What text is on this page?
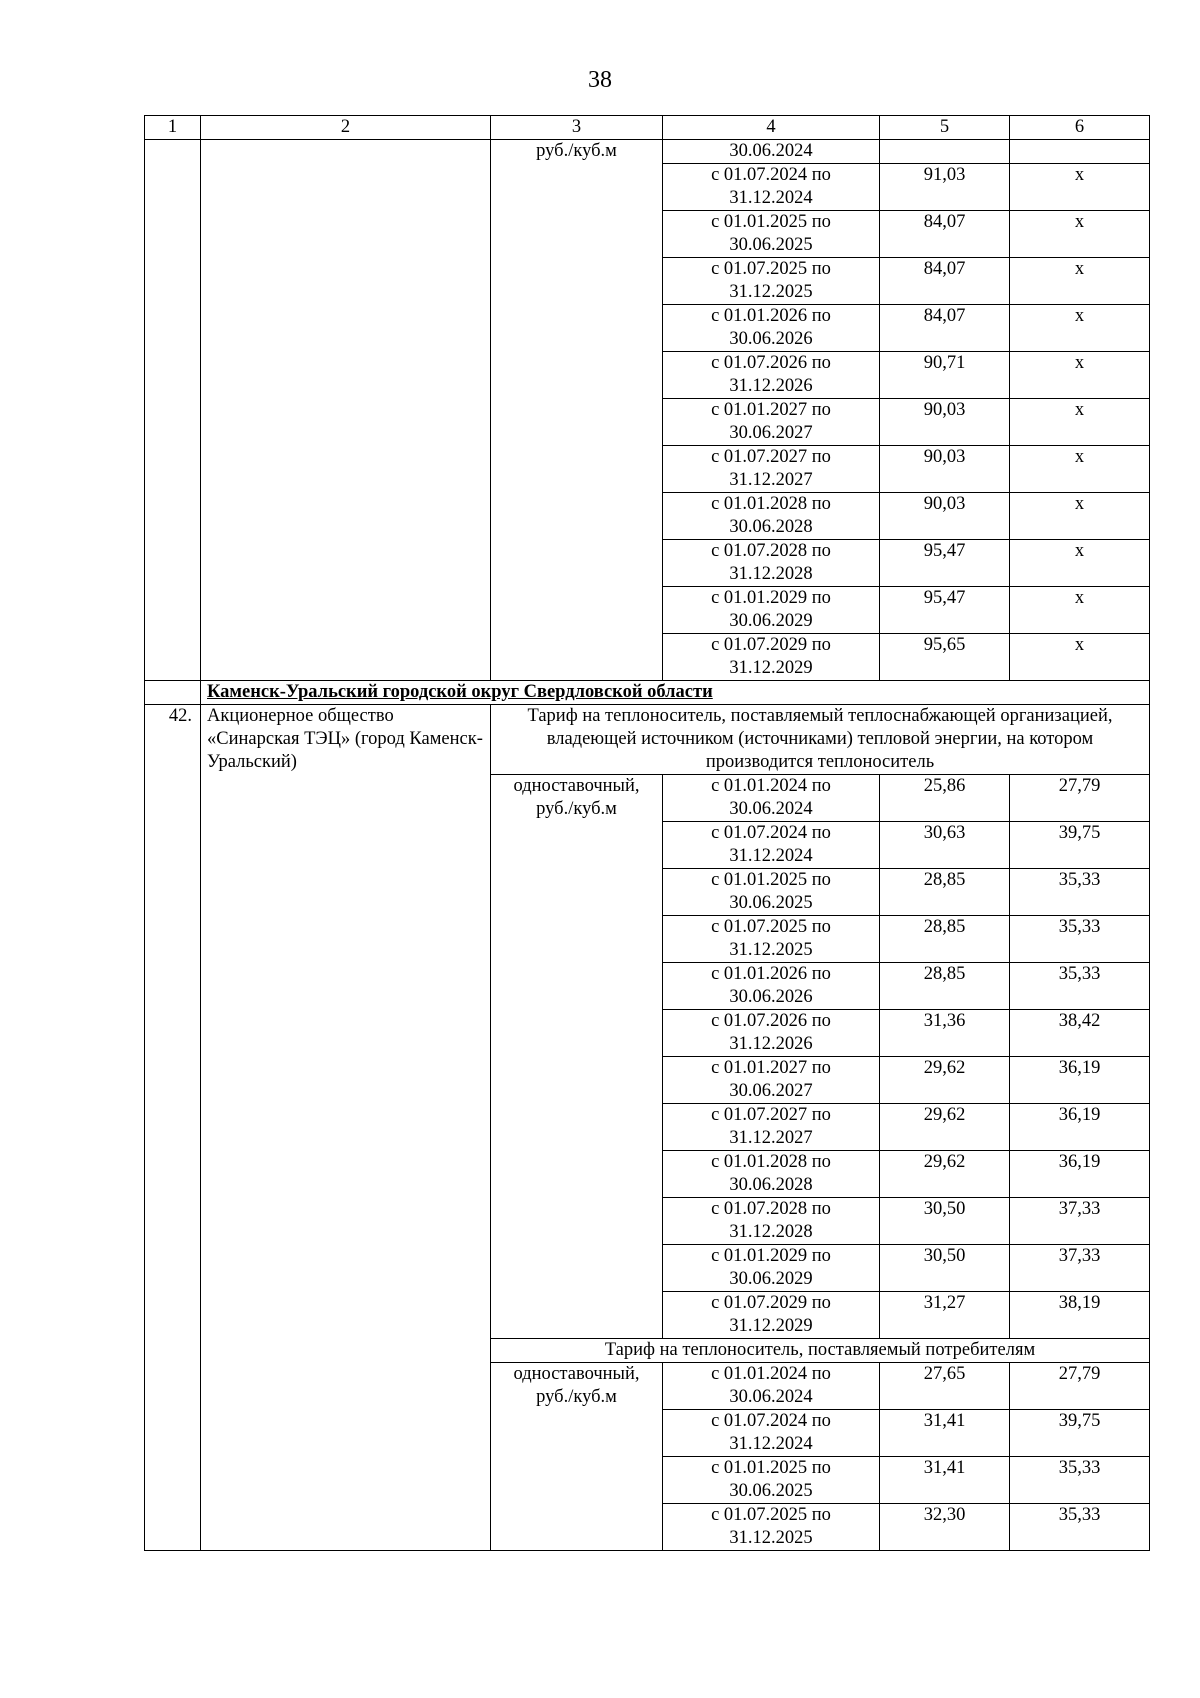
38
1	2	3	4	5	6
		руб./куб.м	30.06.2024		
			с 01.07.2024 по 31.12.2024	91,03	х
			с 01.01.2025 по 30.06.2025	84,07	х
			с 01.07.2025 по 31.12.2025	84,07	х
			с 01.01.2026 по 30.06.2026	84,07	х
			с 01.07.2026 по 31.12.2026	90,71	х
			с 01.01.2027 по 30.06.2027	90,03	х
			с 01.07.2027 по 31.12.2027	90,03	х
			с 01.01.2028 по 30.06.2028	90,03	х
			с 01.07.2028 по 31.12.2028	95,47	х
			с 01.01.2029 по 30.06.2029	95,47	х
			с 01.07.2029 по 31.12.2029	95,65	х
	Каменск-Уральский городской округ Свердловской области				
42.	Акционерное общество «Синарская ТЭЦ» (город Каменск-Уральский)	Тариф на теплоноситель, поставляемый теплоснабжающей организацией, владеющей источником (источниками) тепловой энергии, на котором производится теплоноситель			
		одноставочный, руб./куб.м	с 01.01.2024 по 30.06.2024	25,86	27,79
			с 01.07.2024 по 31.12.2024	30,63	39,75
			с 01.01.2025 по 30.06.2025	28,85	35,33
			с 01.07.2025 по 31.12.2025	28,85	35,33
			с 01.01.2026 по 30.06.2026	28,85	35,33
			с 01.07.2026 по 31.12.2026	31,36	38,42
			с 01.01.2027 по 30.06.2027	29,62	36,19
			с 01.07.2027 по 31.12.2027	29,62	36,19
			с 01.01.2028 по 30.06.2028	29,62	36,19
			с 01.07.2028 по 31.12.2028	30,50	37,33
			с 01.01.2029 по 30.06.2029	30,50	37,33
			с 01.07.2029 по 31.12.2029	31,27	38,19
		Тариф на теплоноситель, поставляемый потребителям			
		одноставочный, руб./куб.м	с 01.01.2024 по 30.06.2024	27,65	27,79
			с 01.07.2024 по 31.12.2024	31,41	39,75
			с 01.01.2025 по 30.06.2025	31,41	35,33
			с 01.07.2025 по 31.12.2025	32,30	35,33
